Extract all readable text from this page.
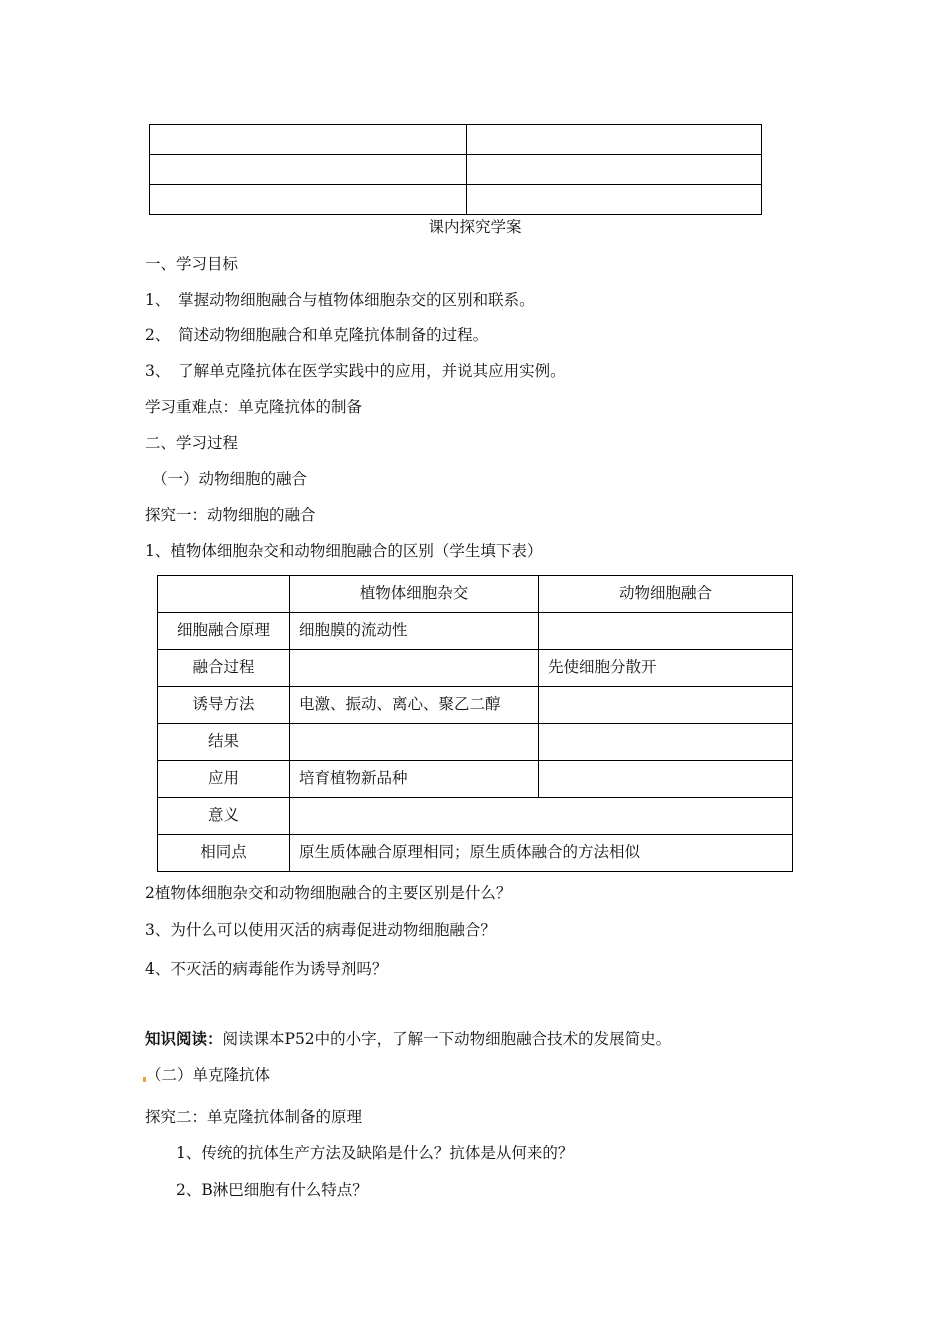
课内探究学案
一、学习目标
1、　掌握动物细胞融合与植物体细胞杂交的区别和联系。
2、　简述动物细胞融合和单克隆抗体制备的过程。
3、　了解单克隆抗体在医学实践中的应用，并说其应用实例。
学习重难点：单克隆抗体的制备
二、学习过程
（一）动物细胞的融合
探究一：动物细胞的融合
1、植物体细胞杂交和动物细胞融合的区别（学生填下表）
	植物体细胞杂交	动物细胞融合
细胞融合原理	细胞膜的流动性	
融合过程		先使细胞分散开
诱导方法	电激、振动、离心、聚乙二醇	
结果		
应用	培育植物新品种	
意义		
相同点	原生质体融合原理相同；原生质体融合的方法相似	
2植物体细胞杂交和动物细胞融合的主要区别是什么？
3、为什么可以使用灭活的病毒促进动物细胞融合？
4、不灭活的病毒能作为诱导剂吗？
知识阅读：阅读课本P52中的小字，了解一下动物细胞融合技术的发展简史。
（二）单克隆抗体
探究二：单克隆抗体制备的原理
1、传统的抗体生产方法及缺陷是什么？抗体是从何来的？
2、B淋巴细胞有什么特点？
